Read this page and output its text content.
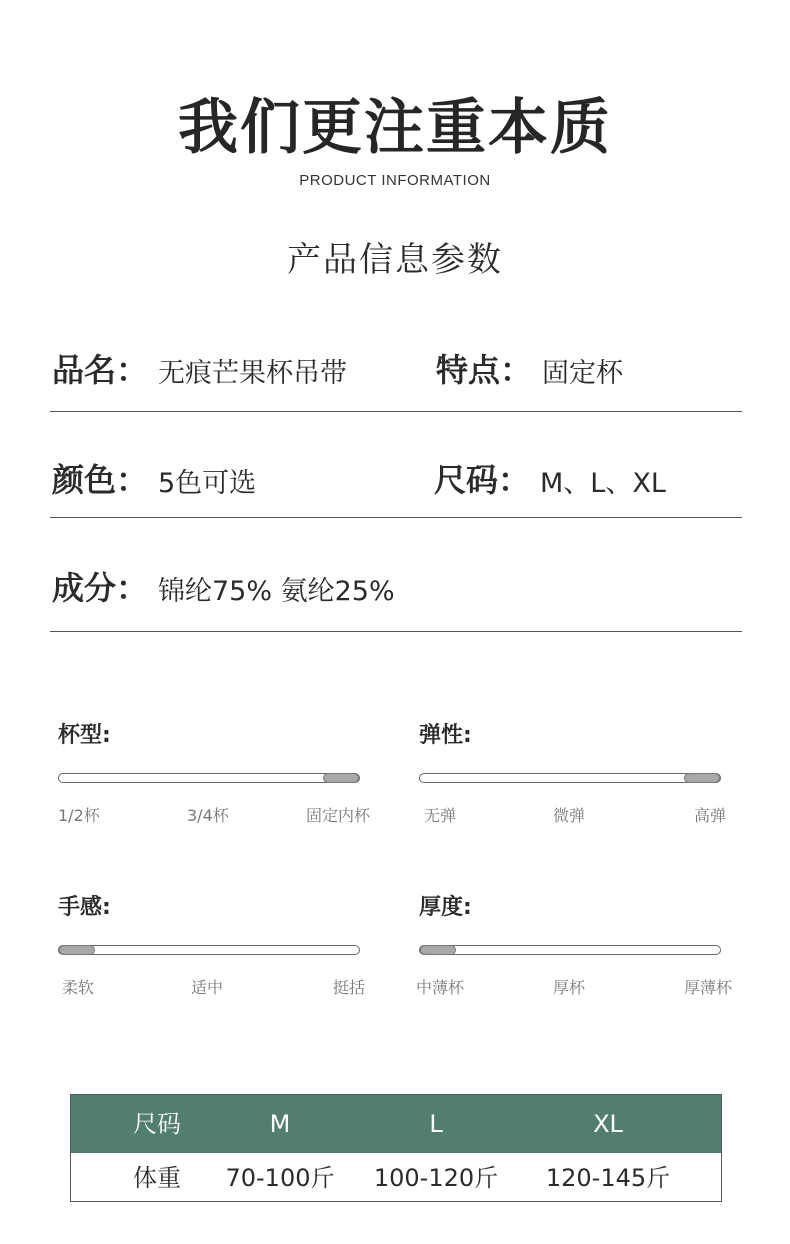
我们更注重本质
PRODUCT INFORMATION
产品信息参数
品名： 无痕芒果杯吊带	特点： 固定杯
颜色： 5色可选	尺码： M、L、XL
成分： 锦纶75% 氨纶25%
杯型:
1/2杯	3/4杯	固定内杯
弹性:
无弹	微弹	高弹
手感:
柔软	适中	挺括
厚度:
中薄杯	厚杯	厚薄杯
尺码	M	L	XL
体重 70-100斤 100-120斤 120-145斤
